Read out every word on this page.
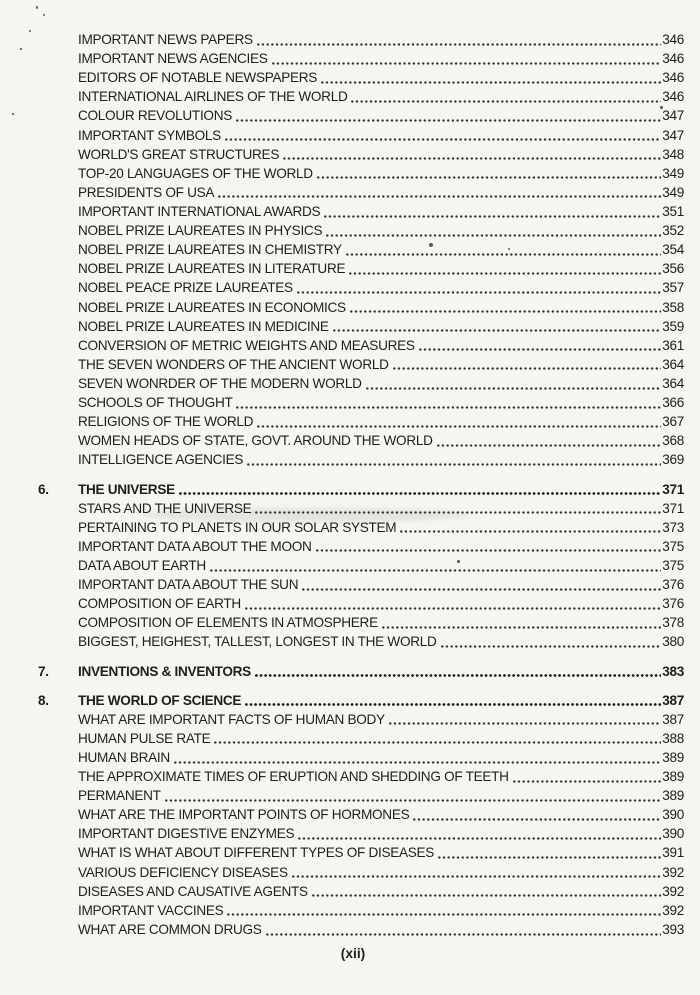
IMPORTANT NEWS PAPERS	346
IMPORTANT NEWS AGENCIES	346
EDITORS OF NOTABLE NEWSPAPERS	346
INTERNATIONAL AIRLINES OF THE WORLD	346
COLOUR REVOLUTIONS	347
IMPORTANT SYMBOLS	347
WORLD'S GREAT STRUCTURES	348
TOP-20 LANGUAGES OF THE WORLD	349
PRESIDENTS OF USA	349
IMPORTANT INTERNATIONAL AWARDS	351
NOBEL PRIZE LAUREATES IN PHYSICS	352
NOBEL PRIZE LAUREATES IN CHEMISTRY	354
NOBEL PRIZE LAUREATES IN LITERATURE	356
NOBEL PEACE PRIZE LAUREATES	357
NOBEL PRIZE LAUREATES IN ECONOMICS	358
NOBEL PRIZE LAUREATES IN MEDICINE	359
CONVERSION OF METRIC WEIGHTS AND MEASURES	361
THE SEVEN WONDERS OF THE ANCIENT WORLD	364
SEVEN WONRDER OF THE MODERN WORLD	364
SCHOOLS OF THOUGHT	366
RELIGIONS OF THE WORLD	367
WOMEN HEADS OF STATE, GOVT. AROUND THE WORLD	368
INTELLIGENCE AGENCIES	369
6.	THE UNIVERSE	371
STARS AND THE UNIVERSE	371
PERTAINING TO PLANETS IN OUR SOLAR SYSTEM	373
IMPORTANT DATA ABOUT THE MOON	375
DATA ABOUT EARTH	375
IMPORTANT DATA ABOUT THE SUN	376
COMPOSITION OF EARTH	376
COMPOSITION OF ELEMENTS IN ATMOSPHERE	378
BIGGEST, HEIGHEST, TALLEST, LONGEST IN THE WORLD	380
7.	INVENTIONS & INVENTORS	383
8.	THE WORLD OF SCIENCE	387
WHAT ARE IMPORTANT FACTS OF HUMAN BODY	387
HUMAN PULSE RATE	388
HUMAN BRAIN	389
THE APPROXIMATE TIMES OF ERUPTION AND SHEDDING OF TEETH	389
PERMANENT	389
WHAT ARE THE IMPORTANT POINTS OF HORMONES	390
IMPORTANT DIGESTIVE ENZYMES	390
WHAT IS WHAT ABOUT DIFFERENT TYPES OF DISEASES	391
VARIOUS DEFICIENCY DISEASES	392
DISEASES AND CAUSATIVE AGENTS	392
IMPORTANT VACCINES	392
WHAT ARE COMMON DRUGS	393
(xii)
